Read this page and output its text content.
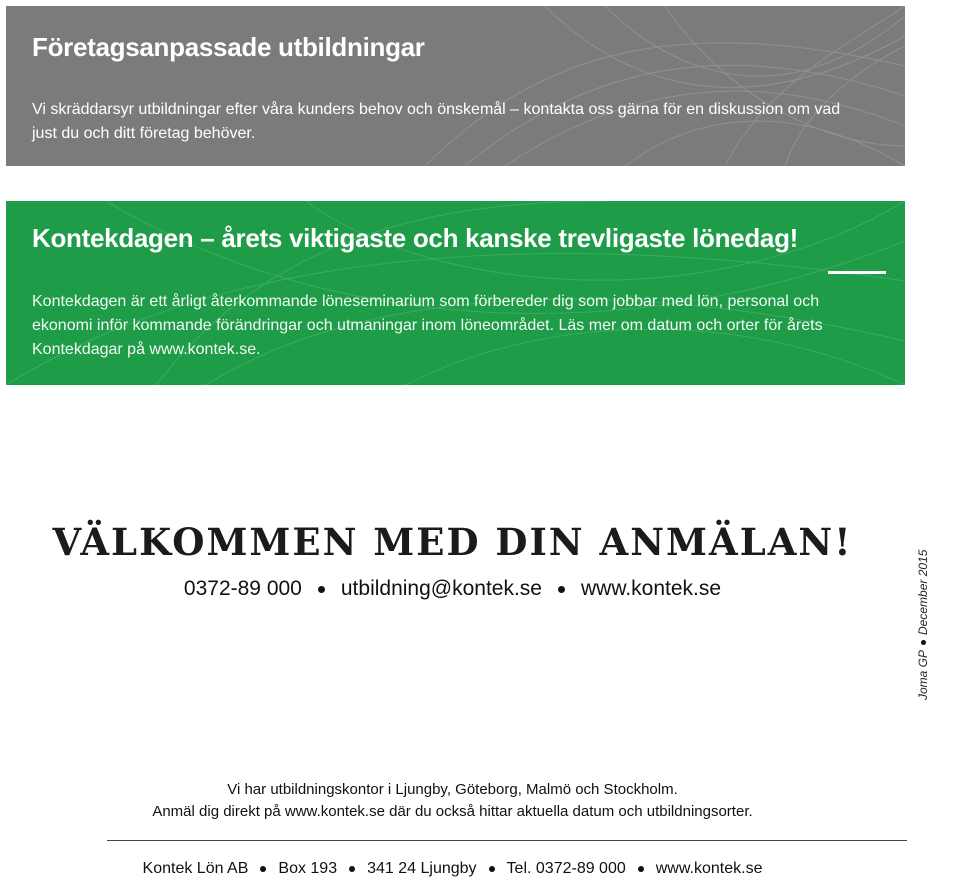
Företagsanpassade utbildningar
Vi skräddarsyr utbildningar efter våra kunders behov och önskemål – kontakta oss gärna för en diskussion om vad just du och ditt företag behöver.
Kontekdagen – årets viktigaste och kanske trevligaste lönedag!
Kontekdagen är ett årligt återkommande löneseminarium som förbereder dig som jobbar med lön, personal och ekonomi inför kommande förändringar och utmaningar inom löneområdet. Läs mer om datum och orter för årets Kontekdagar på www.kontek.se.
VÄLKOMMEN MED DIN ANMÄLAN!
0372-89 000 utbildning@kontek.se www.kontek.se
Joma GP
December 2015
Vi har utbildningskontor i Ljungby, Göteborg, Malmö och Stockholm.
Anmäl dig direkt på www.kontek.se där du också hittar aktuella datum och utbildningsorter.
Kontek Lön AB Box 193 341 24 Ljungby Tel. 0372-89 000 www.kontek.se
